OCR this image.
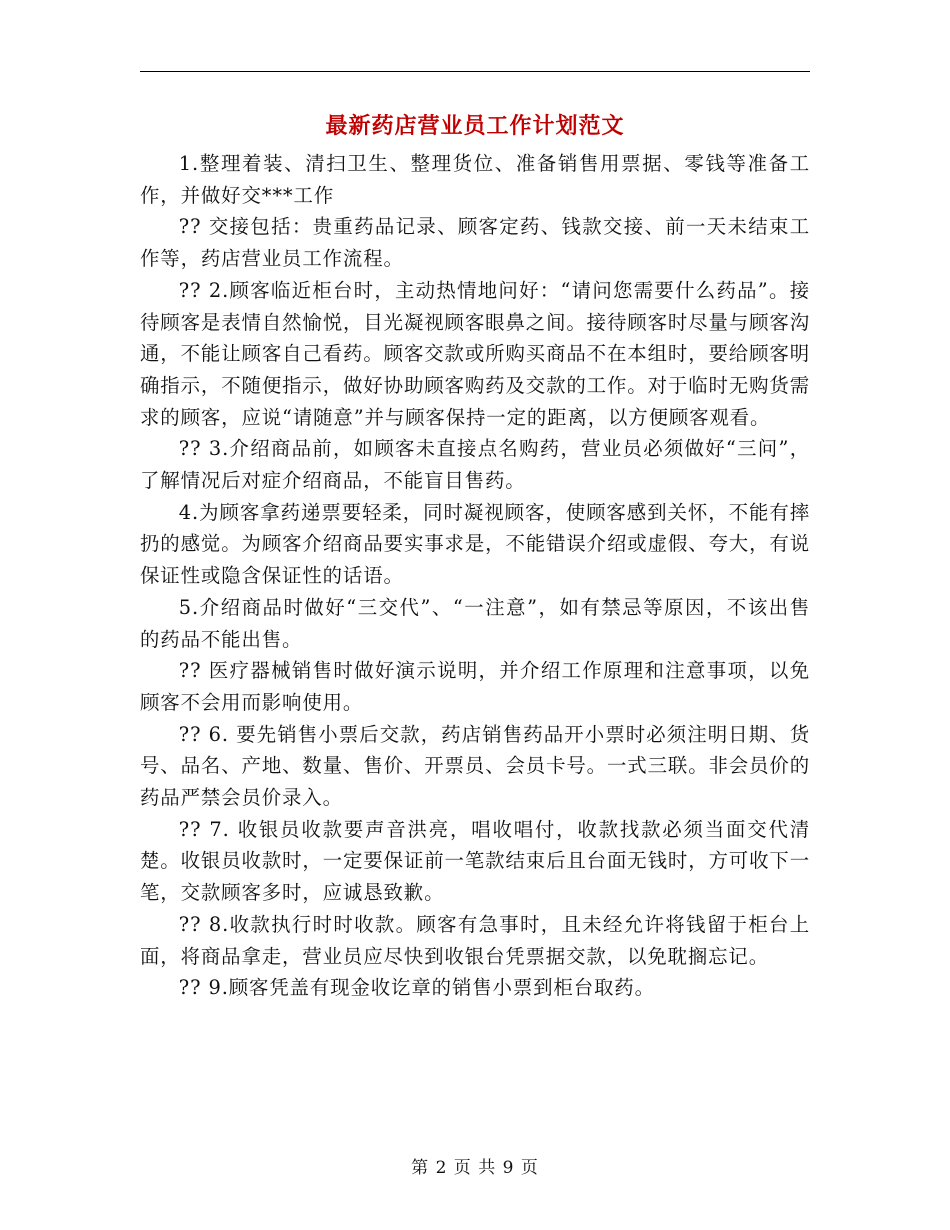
最新药店营业员工作计划范文

1.整理着装、清扫卫生、整理货位、准备销售用票据、零钱等准备工作，并做好交***工作

?? 交接包括：贵重药品记录、顾客定药、钱款交接、前一天未结束工作等，药店营业员工作流程。

?? 2.顾客临近柜台时，主动热情地问好：“请问您需要什么药品”。接待顾客是表情自然愉悦，目光凝视顾客眼鼻之间。接待顾客时尽量与顾客沟通，不能让顾客自己看药。顾客交款或所购买商品不在本组时，要给顾客明确指示，不随便指示，做好协助顾客购药及交款的工作。对于临时无购货需求的顾客，应说“请随意”并与顾客保持一定的距离，以方便顾客观看。

?? 3.介绍商品前，如顾客未直接点名购药，营业员必须做好“三问”，了解情况后对症介绍商品，不能盲目售药。

4.为顾客拿药递票要轻柔，同时凝视顾客，使顾客感到关怀，不能有摔扔的感觉。为顾客介绍商品要实事求是，不能错误介绍或虚假、夸大，有说保证性或隐含保证性的话语。

5.介绍商品时做好“三交代”、“一注意”，如有禁忌等原因，不该出售的药品不能出售。

?? 医疗器械销售时做好演示说明，并介绍工作原理和注意事项，以免顾客不会用而影响使用。

?? 6. 要先销售小票后交款，药店销售药品开小票时必须注明日期、货号、品名、产地、数量、售价、开票员、会员卡号。一式三联。非会员价的药品严禁会员价录入。

?? 7. 收银员收款要声音洪亮，唱收唱付，收款找款必须当面交代清楚。收银员收款时，一定要保证前一笔款结束后且台面无钱时，方可收下一笔，交款顾客多时，应诚恳致歉。

?? 8.收款执行时时收款。顾客有急事时，且未经允许将钱留于柜台上面，将商品拿走，营业员应尽快到收银台凭票据交款，以免耽搁忘记。

?? 9.顾客凭盖有现金收讫章的销售小票到柜台取药。

第 2 页 共 9 页
